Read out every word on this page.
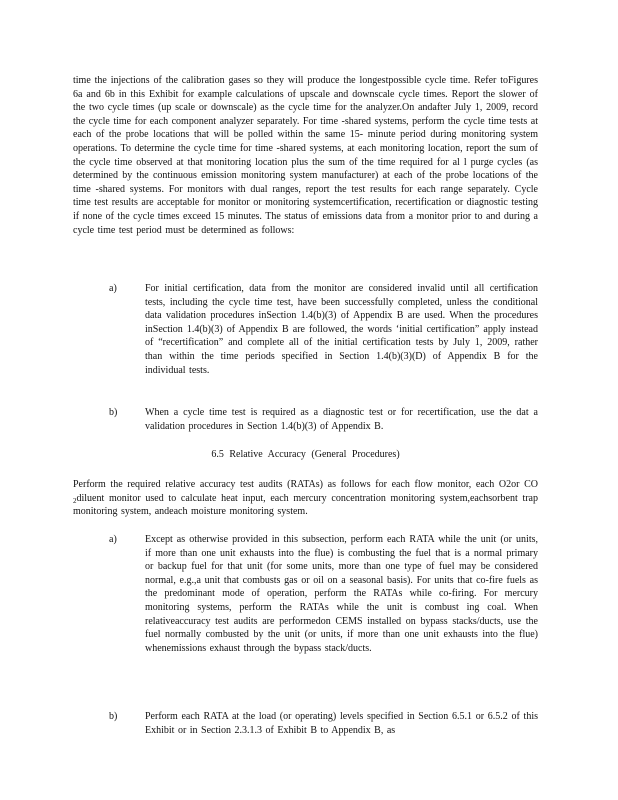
time the injections of the calibration gases so they will produce the longestpossible cycle time. Refer toFigures 6a and 6b in this Exhibit for example calculations of upscale and downscale cycle times. Report the slower of the two cycle times (up scale or downscale) as the cycle time for the analyzer.On andafter July 1, 2009, record the cycle time for each component analyzer separately. For time -shared systems, perform the cycle time tests at each of the probe locations that will be polled within the same 15- minute period during monitoring system operations. To determine the cycle time for time -shared systems, at each monitoring location, report the sum of the cycle time observed at that monitoring location plus the sum of the time required for al l purge cycles (as determined by the continuous emission monitoring system manufacturer) at each of the probe locations of the time -shared systems. For monitors with dual ranges, report the test results for each range separately. Cycle time test results are acceptable for monitor or monitoring systemcertification, recertification or diagnostic testing if none of the cycle times exceed 15 minutes. The status of emissions data from a monitor prior to and during a cycle time test period must be determined as follows:
a)	For initial certification, data from the monitor are considered invalid until all certification tests, including the cycle time test, have been successfully completed, unless the conditional data validation procedures inSection 1.4(b)(3) of Appendix B are used. When the procedures inSection 1.4(b)(3) of Appendix B are followed, the words ‘initial certification” apply instead of “recertification” and complete all of the initial certification tests by July 1, 2009, rather than within the time periods specified in Section 1.4(b)(3)(D) of Appendix B for the individual tests.
b)	When a cycle time test is required as a diagnostic test or for recertification, use the dat a validation procedures in Section 1.4(b)(3) of Appendix B.
6.5 Relative Accuracy (General Procedures)
Perform the required relative accuracy test audits (RATAs) as follows for each flow monitor, each O2or CO $_2$diluent monitor used to calculate heat input, each mercury concentration monitoring system,eachsorbent trap monitoring system, andeach moisture monitoring system.
a)	Except as otherwise provided in this subsection, perform each RATA while the unit (or units, if more than one unit exhausts into the flue) is combusting the fuel that is a normal primary or backup fuel for that unit (for some units, more than one type of fuel may be considered normal, e.g.,a unit that combusts gas or oil on a seasonal basis). For units that co-fire fuels as the predominant mode of operation, perform the RATAs while co-firing. For mercury monitoring systems, perform the RATAs while the unit is combust ing coal. When relativeaccuracy test audits are performedon CEMS installed on bypass stacks/ducts, use the fuel normally combusted by the unit (or units, if more than one unit exhausts into the flue) whenemissions exhaust through the bypass stack/ducts.
b)	Perform each RATA at the load (or operating) levels specified in Section 6.5.1 or 6.5.2 of this Exhibit or in Section 2.3.1.3 of Exhibit B to Appendix B, as
